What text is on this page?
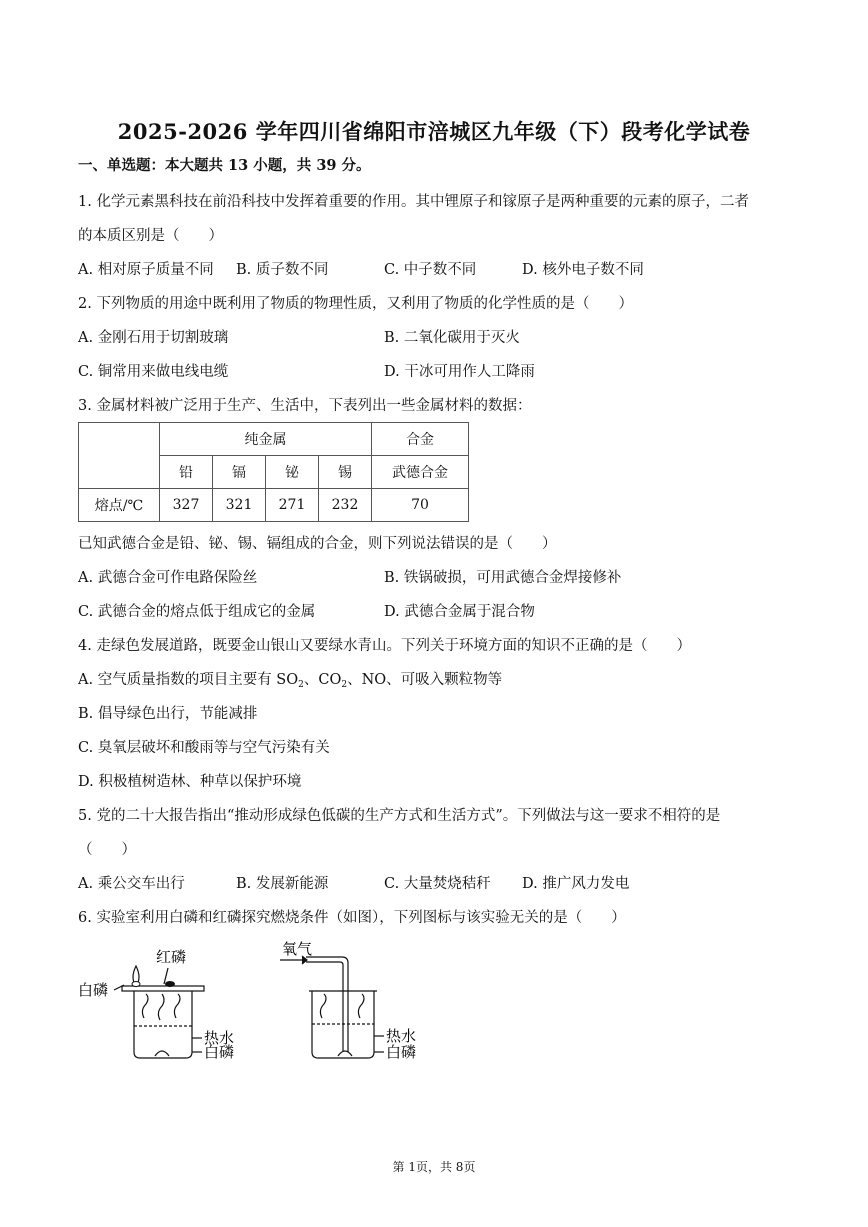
2025-2026 学年四川省绵阳市涪城区九年级（下）段考化学试卷
一、单选题：本大题共 13 小题，共 39 分。
1. 化学元素黑科技在前沿科技中发挥着重要的作用。其中锂原子和镓原子是两种重要的元素的原子，二者
的本质区别是（　　）
A. 相对原子质量不同 B. 质子数不同	C. 中子数不同	D. 核外电子数不同
2. 下列物质的用途中既利用了物质的物理性质，又利用了物质的化学性质的是（　　）
A. 金刚石用于切割玻璃	B. 二氧化碳用于灭火
C. 铜常用来做电线电缆	D. 干冰可用作人工降雨
3. 金属材料被广泛用于生产、生活中，下表列出一些金属材料的数据：
	纯金属				合金
	铅	镉	铋	锡	武德合金
熔点/℃	327	321	271	232	70
已知武德合金是铅、铋、锡、镉组成的合金，则下列说法错误的是（　　）
A. 武德合金可作电路保险丝	B. 铁锅破损，可用武德合金焊接修补
C. 武德合金的熔点低于组成它的金属	D. 武德合金属于混合物
4. 走绿色发展道路，既要金山银山又要绿水青山。下列关于环境方面的知识不正确的是（　　）
A. 空气质量指数的项目主要有 $SO_2$、$CO_2$、NO、可吸入颗粒物等
B. 倡导绿色出行，节能减排
C. 臭氧层破坏和酸雨等与空气污染有关
D. 积极植树造林、种草以保护环境
5. 党的二十大报告指出“推动形成绿色低碳的生产方式和生活方式”。下列做法与这一要求不相符的是
（　　）
A. 乘公交车出行	B. 发展新能源	C. 大量焚烧秸秆 D. 推广风力发电
6. 实验室利用白磷和红磷探究燃烧条件（如图），下列图标与该实验无关的是（　　）
白磷
红磷
热水
白磷
氧气
热水
白磷
第 1页，共 8页
